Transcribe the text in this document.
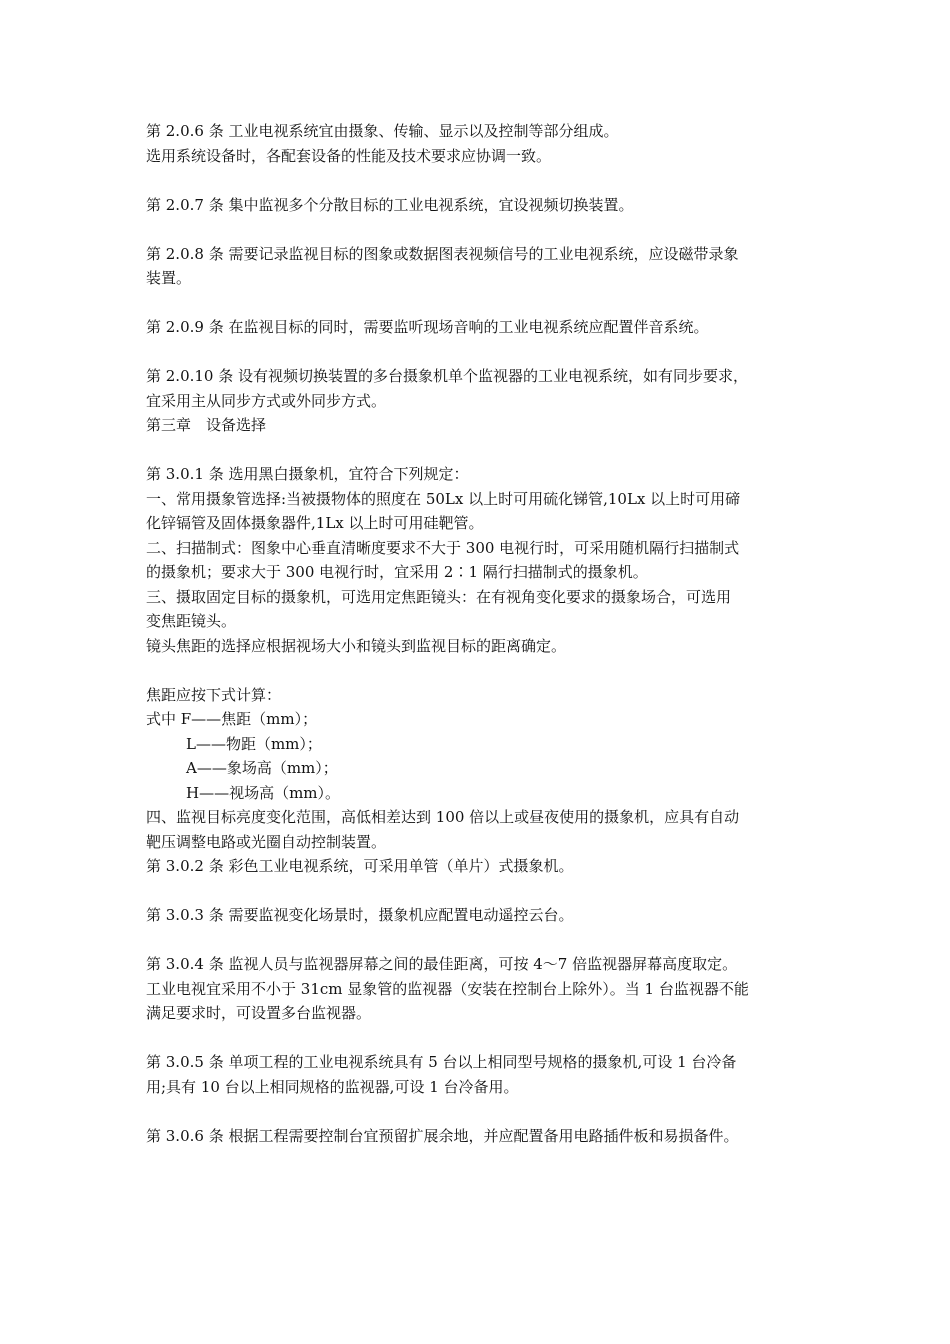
第 2.0.6 条 工业电视系统宜由摄象、传输、显示以及控制等部分组成。
选用系统设备时，各配套设备的性能及技术要求应协调一致。
第 2.0.7 条 集中监视多个分散目标的工业电视系统，宜设视频切换装置。
第 2.0.8 条 需要记录监视目标的图象或数据图表视频信号的工业电视系统，应设磁带录象
装置。
第 2.0.9 条 在监视目标的同时，需要监听现场音响的工业电视系统应配置伴音系统。
第 2.0.10 条 设有视频切换装置的多台摄象机单个监视器的工业电视系统，如有同步要求，
宜采用主从同步方式或外同步方式。
第三章　设备选择
第 3.0.1 条 选用黑白摄象机，宜符合下列规定：
一、常用摄象管选择:当被摄物体的照度在 50Lx 以上时可用硫化锑管,10Lx 以上时可用碲
化锌镉管及固体摄象器件,1Lx 以上时可用硅靶管。
二、扫描制式：图象中心垂直清晰度要求不大于 300 电视行时，可采用随机隔行扫描制式
的摄象机；要求大于 300 电视行时，宜采用 2∶1 隔行扫描制式的摄象机。
三、摄取固定目标的摄象机，可选用定焦距镜头：在有视角变化要求的摄象场合，可选用
变焦距镜头。
镜头焦距的选择应根据视场大小和镜头到监视目标的距离确定。
焦距应按下式计算：
式中 F——焦距（mm）；
L——物距（mm）；
A——象场高（mm）；
H——视场高（mm）。
四、监视目标亮度变化范围，高低相差达到 100 倍以上或昼夜使用的摄象机，应具有自动
靶压调整电路或光圈自动控制装置。
第 3.0.2 条 彩色工业电视系统，可采用单管（单片）式摄象机。
第 3.0.3 条 需要监视变化场景时，摄象机应配置电动遥控云台。
第 3.0.4 条 监视人员与监视器屏幕之间的最佳距离，可按 4～7 倍监视器屏幕高度取定。
工业电视宜采用不小于 31cm 显象管的监视器（安装在控制台上除外）。当 1 台监视器不能
满足要求时，可设置多台监视器。
第 3.0.5 条 单项工程的工业电视系统具有 5 台以上相同型号规格的摄象机,可设 1 台冷备
用;具有 10 台以上相同规格的监视器,可设 1 台冷备用。
第 3.0.6 条 根据工程需要控制台宜预留扩展余地，并应配置备用电路插件板和易损备件。
